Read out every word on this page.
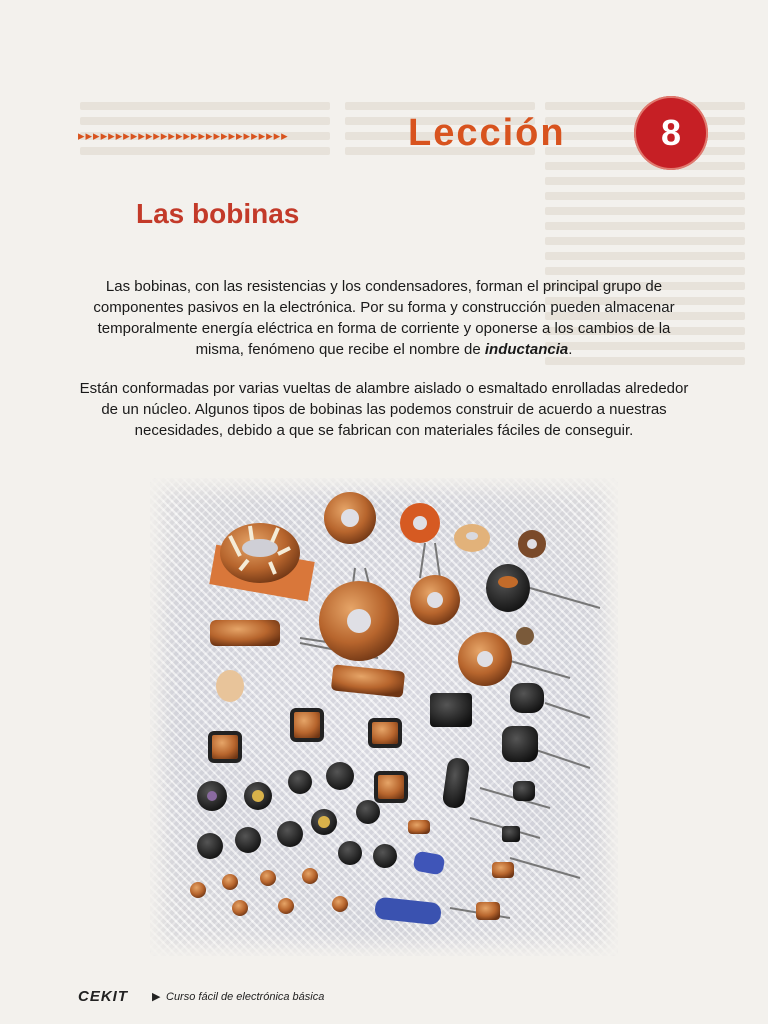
▸▸▸▸▸▸▸▸▸▸▸▸▸▸▸▸▸▸▸▸▸▸▸▸▸▸▸▸	Lección	8
Las bobinas
Las bobinas, con las resistencias y los condensadores, forman el principal grupo de componentes pasivos en la electrónica. Por su forma y construcción pueden almacenar temporalmente energía eléctrica en forma de corriente y oponerse a los cambios de la misma, fenómeno que recibe el nombre de inductancia.
Están conformadas por varias vueltas de alambre aislado o esmaltado enrolladas alrededor de un núcleo. Algunos tipos de bobinas las podemos construir de acuerdo a nuestras necesidades, debido a que se fabrican con materiales fáciles de conseguir.
CEKIT ▶ Curso fácil de electrónica básica
